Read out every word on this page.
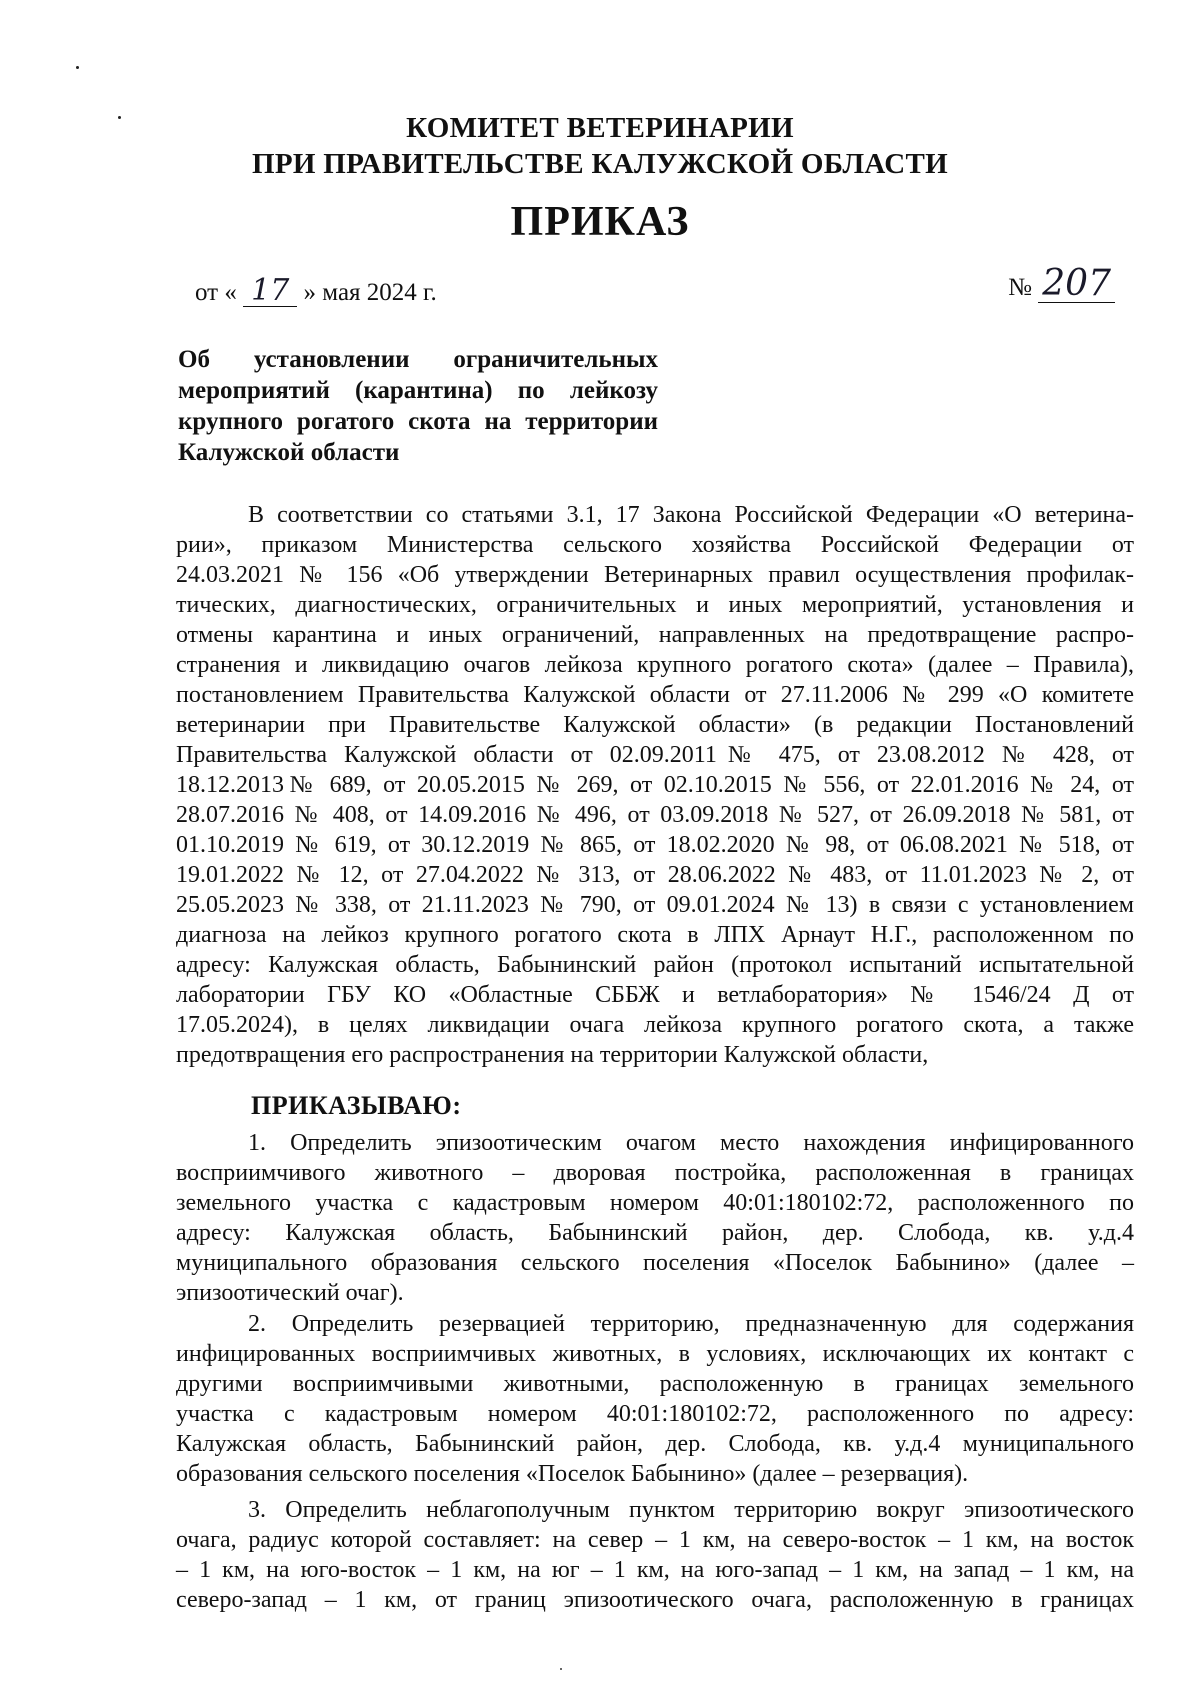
КОМИТЕТ ВЕТЕРИНАРИИ
ПРИ ПРАВИТЕЛЬСТВЕ КАЛУЖСКОЙ ОБЛАСТИ
ПРИКАЗ
от « 17 » мая 2024 г.	№ 207
Об установлении ограничительных
мероприятий (карантина) по лейкозу
крупного рогатого скота на территории
Калужской области
В соответствии со статьями 3.1, 17 Закона Российской Федерации «О ветерина-
рии», приказом Министерства сельского хозяйства Российской Федерации от
24.03.2021 № 156 «Об утверждении Ветеринарных правил осуществления профилак-
тических, диагностических, ограничительных и иных мероприятий, установления и
отмены карантина и иных ограничений, направленных на предотвращение распро-
странения и ликвидацию очагов лейкоза крупного рогатого скота» (далее – Правила),
постановлением Правительства Калужской области от 27.11.2006 № 299 «О комитете
ветеринарии при Правительстве Калужской области» (в редакции Постановлений
Правительства Калужской области от 02.09.2011№ 475, от 23.08.2012 № 428, от
18.12.2013№ 689, от 20.05.2015 № 269, от 02.10.2015 № 556, от 22.01.2016 № 24, от
28.07.2016 № 408, от 14.09.2016 № 496, от 03.09.2018 № 527, от 26.09.2018 № 581, от
01.10.2019 № 619, от 30.12.2019 № 865, от 18.02.2020 № 98, от 06.08.2021 № 518, от
19.01.2022 № 12, от 27.04.2022 № 313, от 28.06.2022 № 483, от 11.01.2023 № 2, от
25.05.2023 № 338, от 21.11.2023 № 790, от 09.01.2024 № 13) в связи с установлением
диагноза на лейкоз крупного рогатого скота в ЛПХ Арнаут Н.Г., расположенном по
адресу: Калужская область, Бабынинский район (протокол испытаний испытательной
лаборатории ГБУ КО «Областные СББЖ и ветлаборатория» № 1546/24 Д от
17.05.2024), в целях ликвидации очага лейкоза крупного рогатого скота, а также
предотвращения его распространения на территории Калужской области,
ПРИКАЗЫВАЮ:
1. Определить эпизоотическим очагом место нахождения инфицированного
восприимчивого животного – дворовая постройка, расположенная в границах
земельного участка с кадастровым номером 40:01:180102:72, расположенного по
адресу: Калужская область, Бабынинский район, дер. Слобода, кв. у.д.4
муниципального образования сельского поселения «Поселок Бабынино» (далее –
эпизоотический очаг).
2. Определить резервацией территорию, предназначенную для содержания
инфицированных восприимчивых животных, в условиях, исключающих их контакт с
другими восприимчивыми животными, расположенную в границах земельного
участка с кадастровым номером 40:01:180102:72, расположенного по адресу:
Калужская область, Бабынинский район, дер. Слобода, кв. у.д.4 муниципального
образования сельского поселения «Поселок Бабынино» (далее – резервация).
3. Определить неблагополучным пунктом территорию вокруг эпизоотического
очага, радиус которой составляет: на север – 1 км, на северо-восток – 1 км, на восток
– 1 км, на юго-восток – 1 км, на юг – 1 км, на юго-запад – 1 км, на запад – 1 км, на
северо-запад – 1 км, от границ эпизоотического очага, расположенную в границах
